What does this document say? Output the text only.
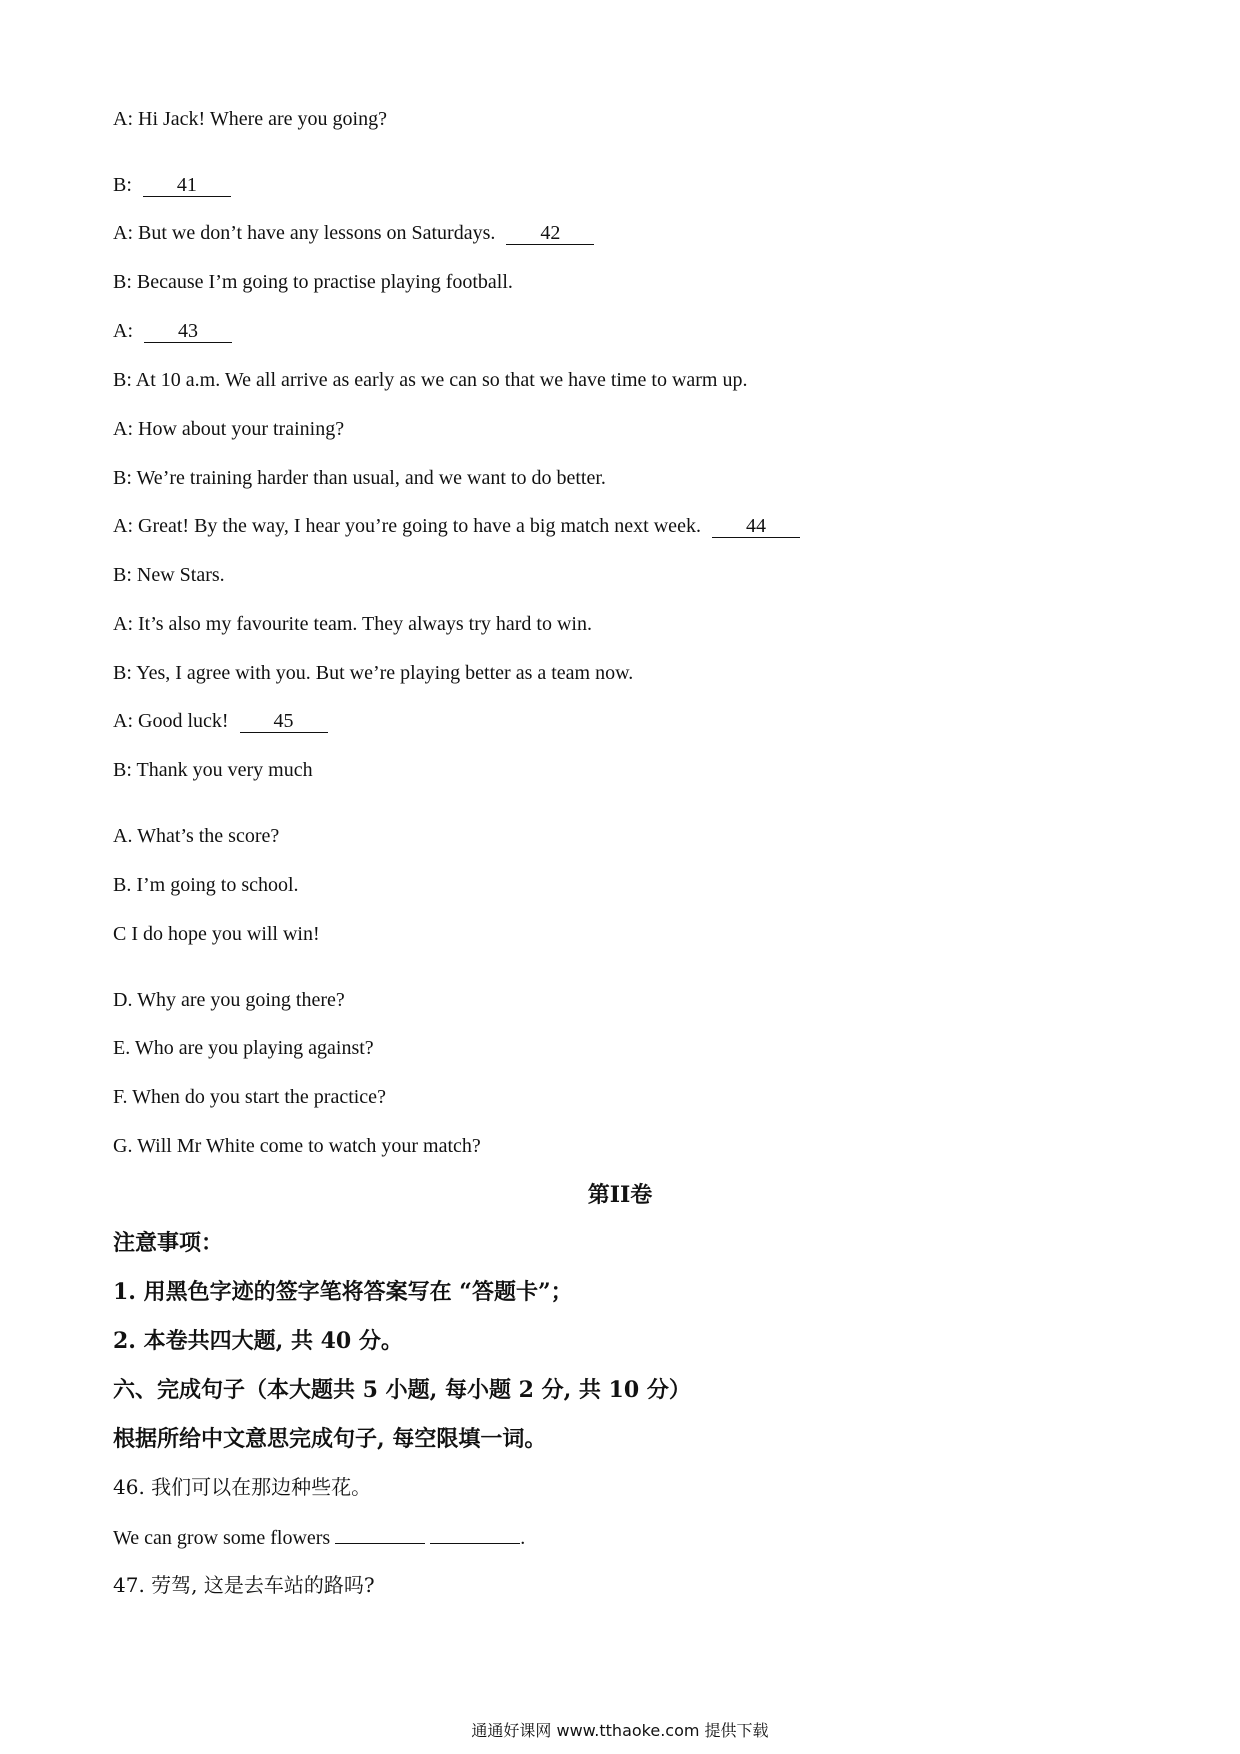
A: Hi Jack! Where are you going?
B: 41
A: But we don’t have any lessons on Saturdays. 42
B: Because I’m going to practise playing football.
A: 43
B: At 10 a.m. We all arrive as early as we can so that we have time to warm up.
A: How about your training?
B: We’re training harder than usual, and we want to do better.
A: Great! By the way, I hear you’re going to have a big match next week. 44
B: New Stars.
A: It’s also my favourite team. They always try hard to win.
B: Yes, I agree with you. But we’re playing better as a team now.
A: Good luck! 45
B: Thank you very much
A. What’s the score?
B. I’m going to school.
C I do hope you will win!
D. Why are you going there?
E. Who are you playing against?
F. When do you start the practice?
G. Will Mr White come to watch your match?
第II卷
注意事项：
1. 用黑色字迹的签字笔将答案写在 “答题卡”；
2. 本卷共四大题, 共 40 分。
六、完成句子（本大题共 5 小题, 每小题 2 分, 共 10 分）
根据所给中文意思完成句子, 每空限填一词。
46. 我们可以在那边种些花。
We can grow some flowers	.
47. 劳驾, 这是去车站的路吗?
通通好课网 www.tthaoke.com 提供下载
